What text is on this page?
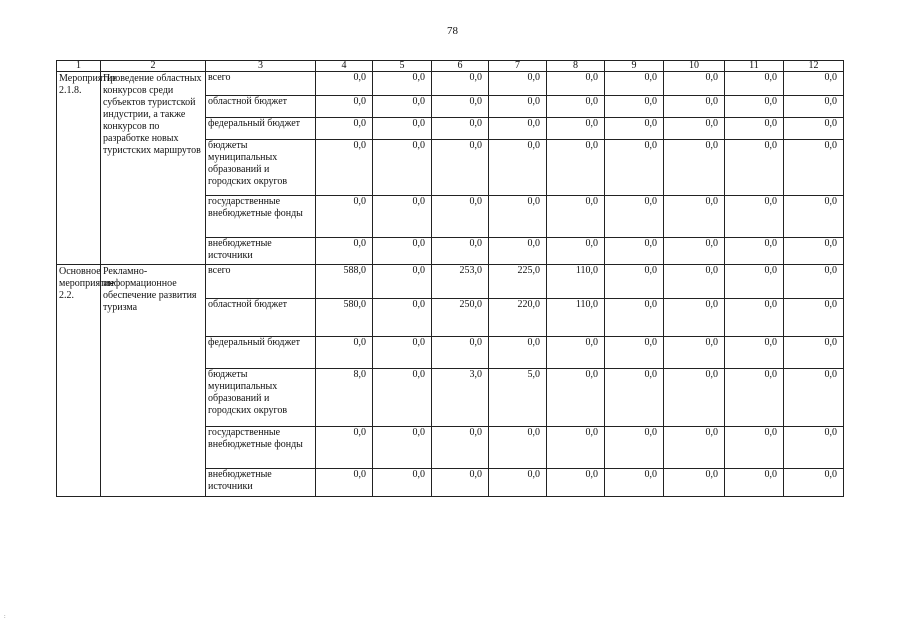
78
1	2	3	4	5	6	7	8	9	10	11	12
Мероприятие 2.1.8.	Проведение областных конкурсов среди субъектов туристской индустрии, а также конкурсов по разработке новых туристских маршрутов	всего	0,0	0,0	0,0	0,0	0,0	0,0	0,0	0,0	0,0
		областной бюджет	0,0	0,0	0,0	0,0	0,0	0,0	0,0	0,0	0,0
		федеральный бюджет	0,0	0,0	0,0	0,0	0,0	0,0	0,0	0,0	0,0
		бюджеты муниципальных образований и городских округов	0,0	0,0	0,0	0,0	0,0	0,0	0,0	0,0	0,0
		государственные внебюджетные фонды	0,0	0,0	0,0	0,0	0,0	0,0	0,0	0,0	0,0
		внебюджетные источники	0,0	0,0	0,0	0,0	0,0	0,0	0,0	0,0	0,0
Основное мероприятие 2.2.	Рекламно-информационное обеспечение развития туризма	всего	588,0	0,0	253,0	225,0	110,0	0,0	0,0	0,0	0,0
		областной бюджет	580,0	0,0	250,0	220,0	110,0	0,0	0,0	0,0	0,0
		федеральный бюджет	0,0	0,0	0,0	0,0	0,0	0,0	0,0	0,0	0,0
		бюджеты муниципальных образований и городских округов	8,0	0,0	3,0	5,0	0,0	0,0	0,0	0,0	0,0
		государственные внебюджетные фонды	0,0	0,0	0,0	0,0	0,0	0,0	0,0	0,0	0,0
		внебюджетные источники	0,0	0,0	0,0	0,0	0,0	0,0	0,0	0,0	0,0
:
